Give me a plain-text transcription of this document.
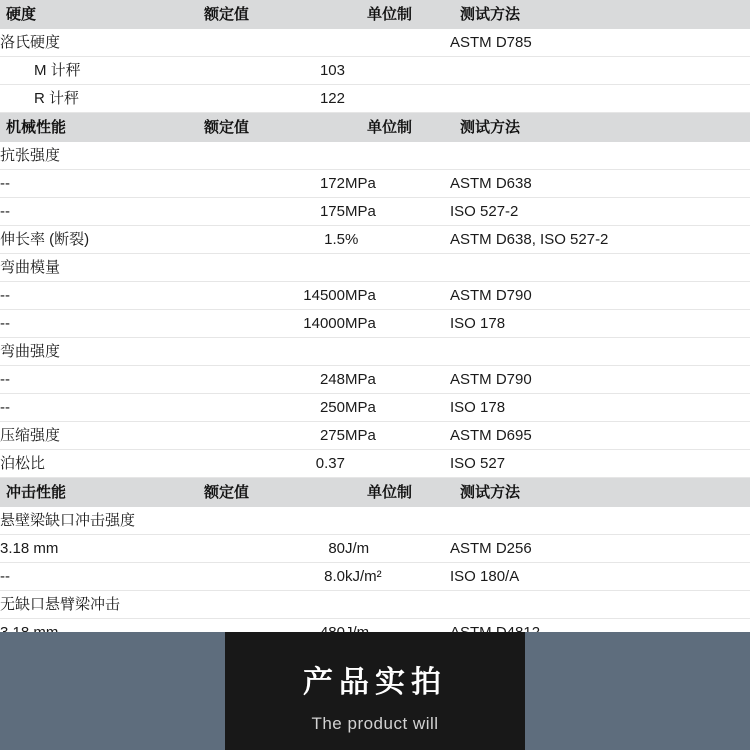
硬度	额定值	单位制	测试方法
洛氏硬度			ASTM D785
M 计秤	103		
R 计秤	122		
机械性能	额定值	单位制	测试方法
抗张强度			
--	172	MPa	ASTM D638
--	175	MPa	ISO 527-2
伸长率 (断裂)	1.5	%	ASTM D638, ISO 527-2
弯曲模量			
--	14500	MPa	ASTM D790
--	14000	MPa	ISO 178
弯曲强度			
--	248	MPa	ASTM D790
--	250	MPa	ISO 178
压缩强度	275	MPa	ASTM D695
泊松比	0.37		ISO 527
冲击性能	额定值	单位制	测试方法
悬壁梁缺口冲击强度			
3.18 mm	80	J/m	ASTM D256
--	8.0	kJ/m²	ISO 180/A
无缺口悬臂梁冲击			

产品实拍
The product will
